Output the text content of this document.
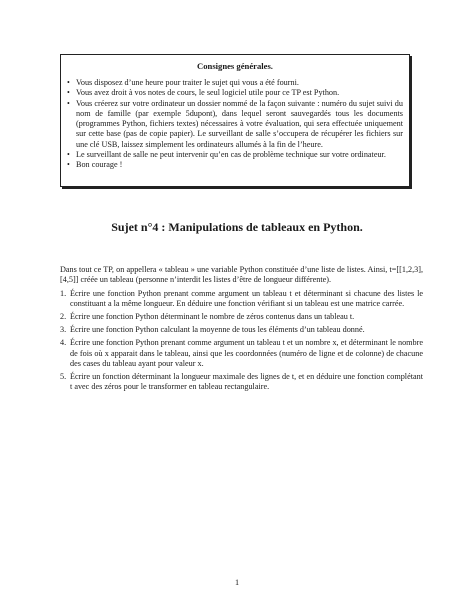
Consignes générales.
• Vous disposez d’une heure pour traiter le sujet qui vous a été fourni.
• Vous avez droit à vos notes de cours, le seul logiciel utile pour ce TP est Python.
• Vous créerez sur votre ordinateur un dossier nommé de la façon suivante : numéro du sujet suivi du nom de famille (par exemple 5dupont), dans lequel seront sauvegardés tous les documents (programmes Python, fichiers textes) nécessaires à votre évaluation, qui sera effectuée uniquement sur cette base (pas de copie papier). Le surveillant de salle s’occupera de récupérer les fichiers sur une clé USB, laissez simplement les ordinateurs allumés à la fin de l’heure.
• Le surveillant de salle ne peut intervenir qu’en cas de problème technique sur votre ordinateur.
• Bon courage !
Sujet n°4 : Manipulations de tableaux en Python.

Dans tout ce TP, on appellera « tableau » une variable Python constituée d’une liste de listes. Ainsi, t=[[1,2,3],[4,5]] créée un tableau (personne n’interdit les listes d’être de longueur différente).

1. Écrire une fonction Python prenant comme argument un tableau t et déterminant si chacune des listes le constituant a la même longueur. En déduire une fonction vérifiant si un tableau est une matrice carrée.
2. Écrire une fonction Python déterminant le nombre de zéros contenus dans un tableau t.
3. Écrire une fonction Python calculant la moyenne de tous les éléments d’un tableau donné.
4. Écrire une fonction Python prenant comme argument un tableau t et un nombre x, et déterminant le nombre de fois où x apparait dans le tableau, ainsi que les coordonnées (numéro de ligne et de colonne) de chacune des cases du tableau ayant pour valeur x.
5. Écrire un fonction déterminant la longueur maximale des lignes de t, et en déduire une fonction complétant t avec des zéros pour le transformer en tableau rectangulaire.
1
